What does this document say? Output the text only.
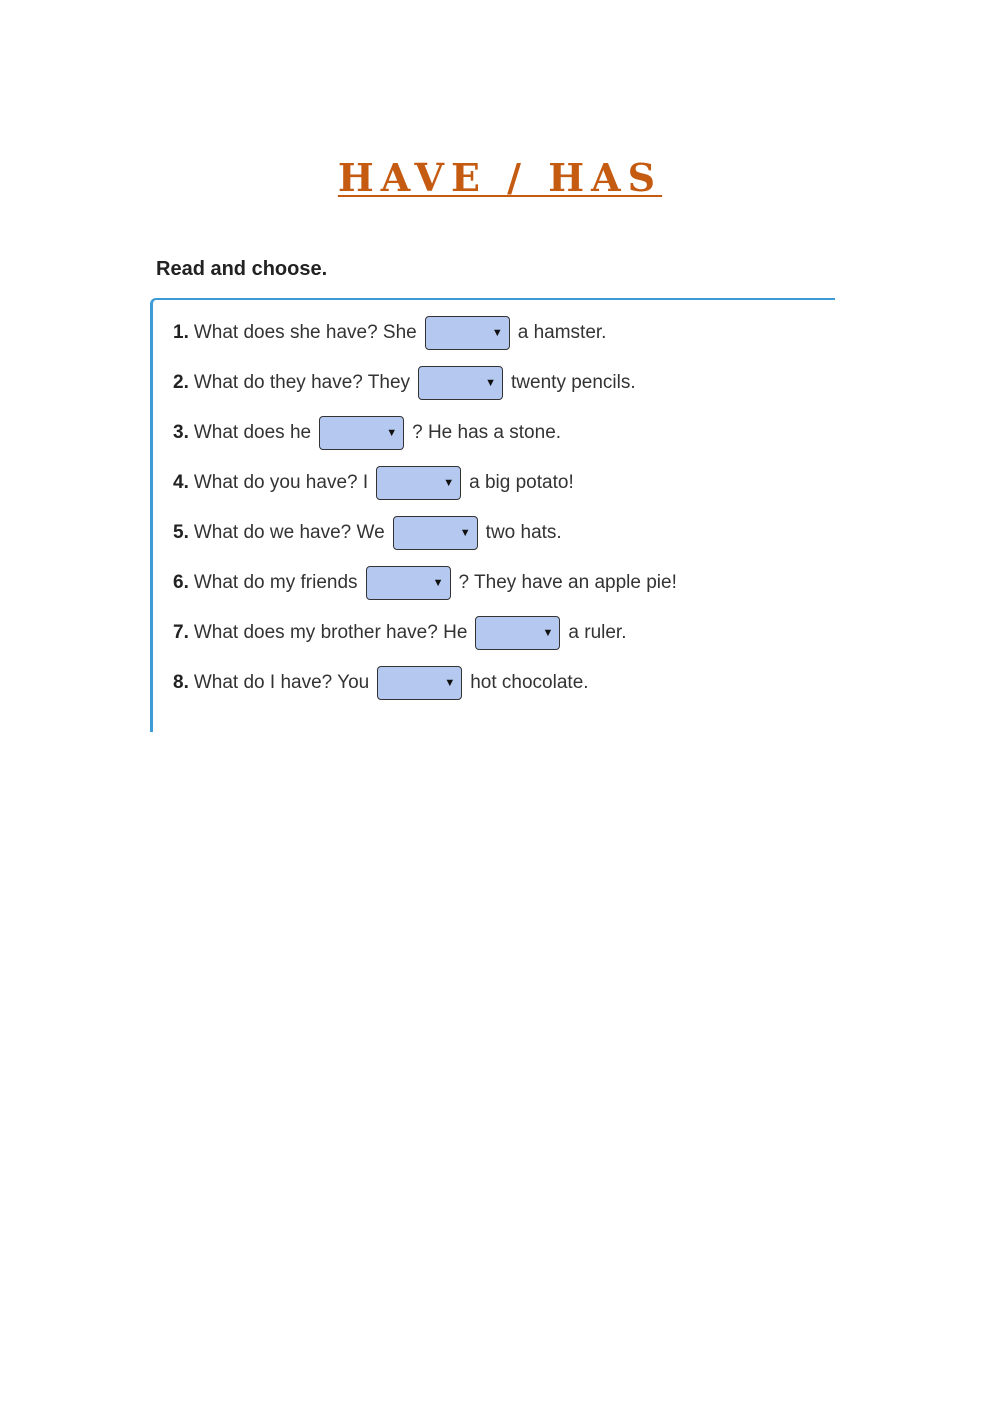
HAVE / HAS
Read and choose.
1. What does she have? She	▼ a hamster.
2. What do they have? They	▼ twenty pencils.
3. What does he	▼ ? He has a stone.
4. What do you have? I	▼ a big potato!
5. What do we have? We	▼ two hats.
6. What do my friends	▼ ? They have an apple pie!
7. What does my brother have? He	▼ a ruler.
8. What do I have? You	▼ hot chocolate.
